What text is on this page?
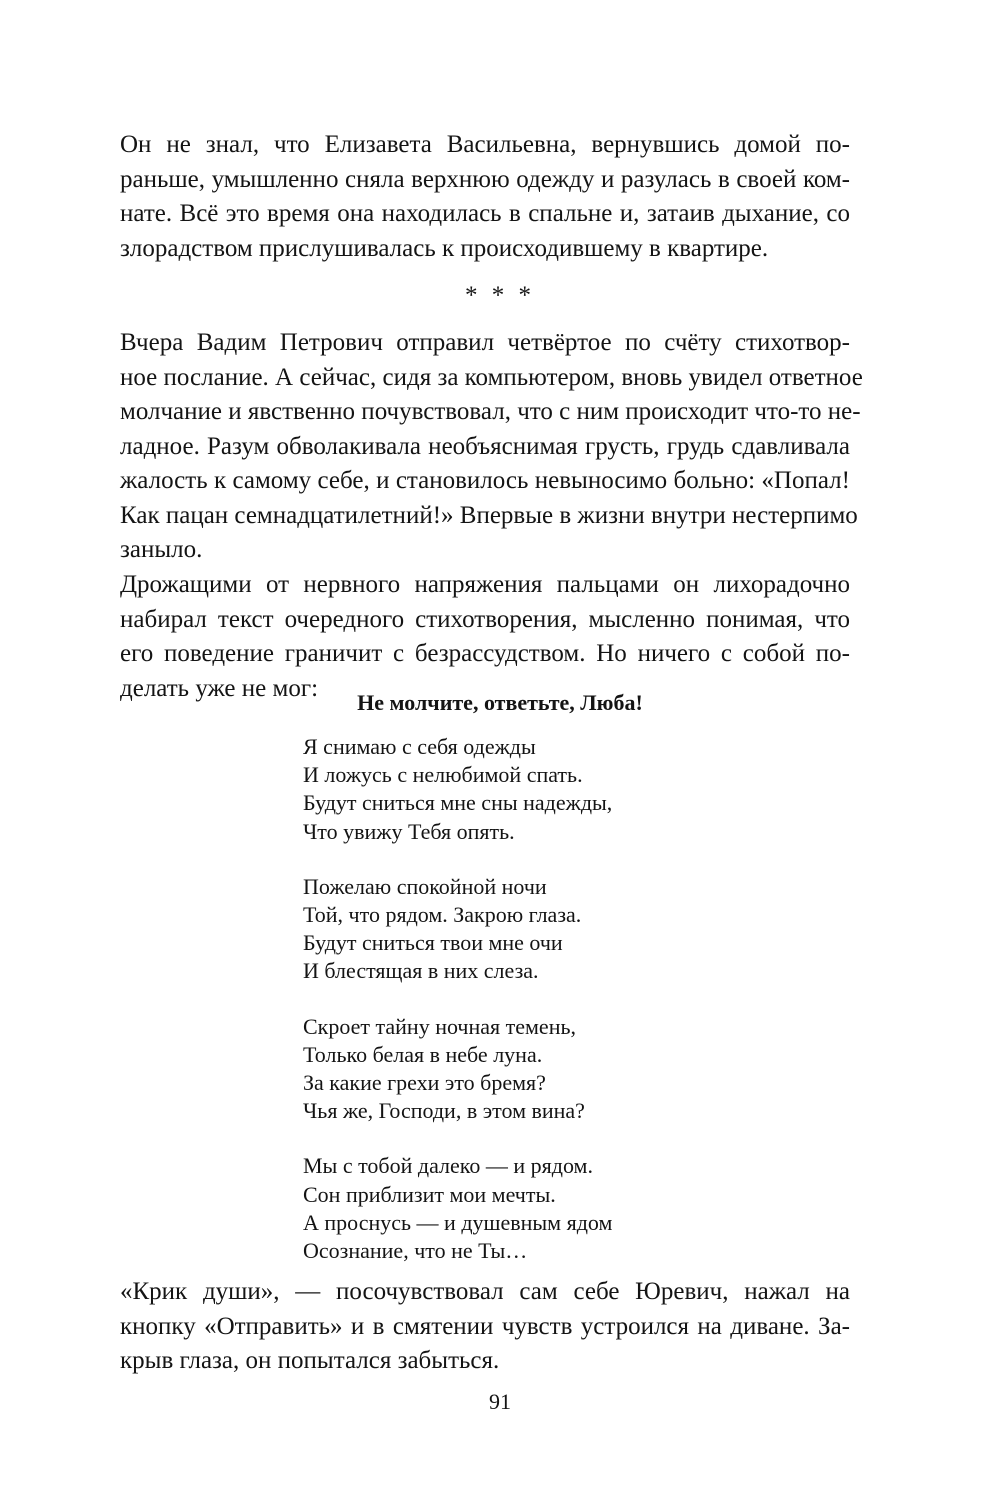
Он не знал, что Елизавета Васильевна, вернувшись домой по-
раньше, умышленно сняла верхнюю одежду и разулась в своей ком-
нате. Всё это время она находилась в спальне и, затаив дыхание, со
злорадством прислушивалась к происходившему в квартире.

* * *

Вчера Вадим Петрович отправил четвёртое по счёту стихотвор-
ное послание. А сейчас, сидя за компьютером, вновь увидел ответное
молчание и явственно почувствовал, что с ним происходит что-то не-
ладное. Разум обволакивала необъяснимая грусть, грудь сдавливала
жалость к самому себе, и становилось невыносимо больно: «Попал!
Как пацан семнадцатилетний!» Впервые в жизни внутри нестерпимо
заныло.

Дрожащими от нервного напряжения пальцами он лихорадочно
набирал текст очередного стихотворения, мысленно понимая, что
его поведение граничит с безрассудством. Но ничего с собой по-
делать уже не мог:

Не молчите, ответьте, Люба!
Я снимаю с себя одежды
И ложусь с нелюбимой спать.
Будут сниться мне сны надежды,
Что увижу Тебя опять.
Пожелаю спокойной ночи
Той, что рядом. Закрою глаза.
Будут сниться твои мне очи
И блестящая в них слеза.
Скроет тайну ночная темень,
Только белая в небе луна.
За какие грехи это бремя?
Чья же, Господи, в этом вина?
Мы с тобой далеко — и рядом.
Сон приблизит мои мечты.
А проснусь — и душевным ядом
Осознание, что не Ты…

«Крик души», — посочувствовал сам себе Юревич, нажал на
кнопку «Отправить» и в смятении чувств устроился на диване. За-
крыв глаза, он попытался забыться.

91
